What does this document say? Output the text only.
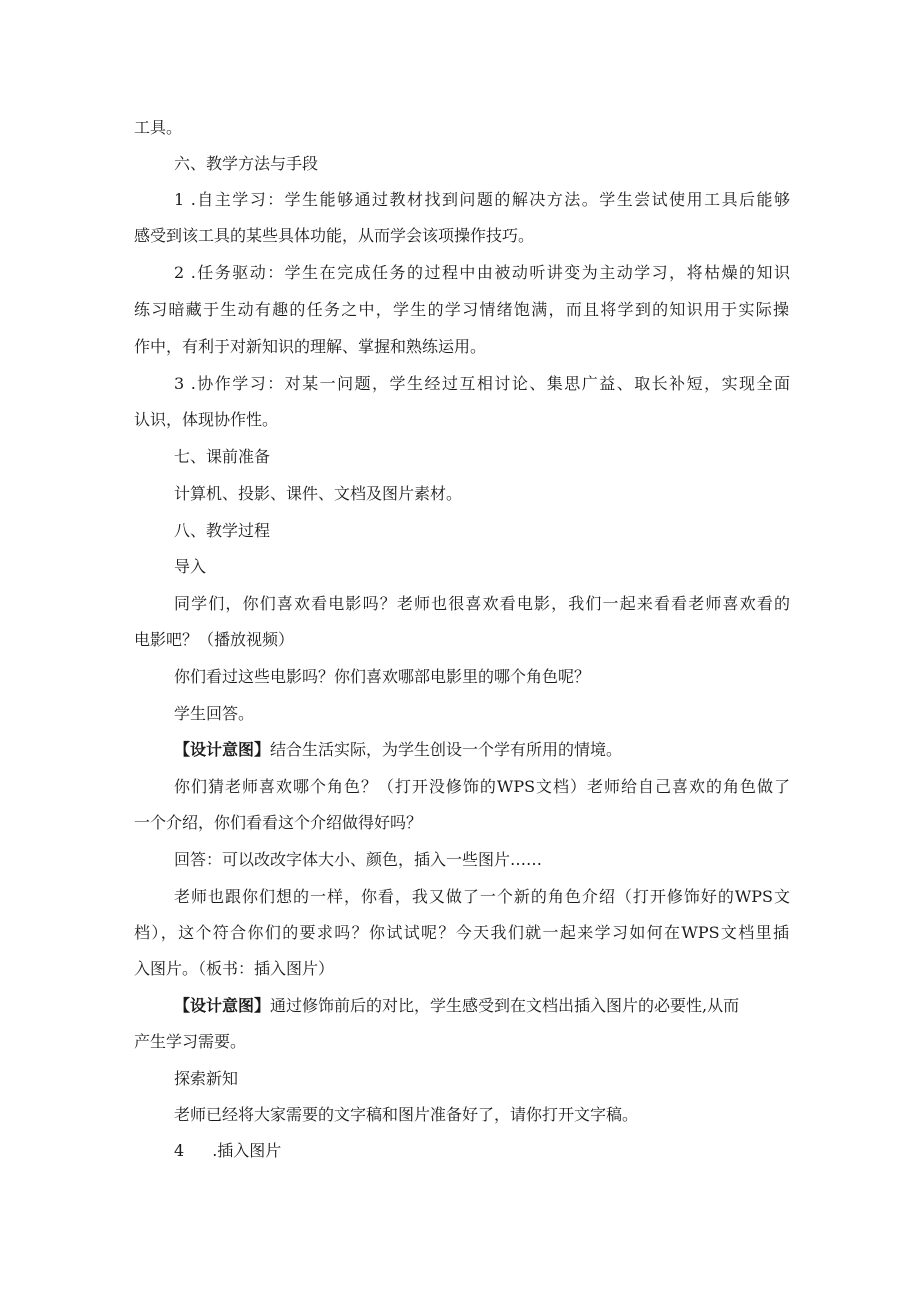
工具。
六、教学方法与手段
1 .自主学习：学生能够通过教材找到问题的解决方法。学生尝试使用工具后能够
感受到该工具的某些具体功能，从而学会该项操作技巧。
2 .任务驱动：学生在完成任务的过程中由被动听讲变为主动学习，将枯燥的知识
练习暗藏于生动有趣的任务之中，学生的学习情绪饱满，而且将学到的知识用于实际操
作中，有利于对新知识的理解、掌握和熟练运用。
3 .协作学习：对某一问题，学生经过互相讨论、集思广益、取长补短，实现全面
认识，体现协作性。
七、课前准备
计算机、投影、课件、文档及图片素材。
八、教学过程
导入
同学们，你们喜欢看电影吗？老师也很喜欢看电影，我们一起来看看老师喜欢看的
电影吧？（播放视频）
你们看过这些电影吗？你们喜欢哪部电影里的哪个角色呢？
学生回答。
【设计意图】结合生活实际，为学生创设一个学有所用的情境。
你们猜老师喜欢哪个角色？（打开没修饰的WPS文档）老师给自己喜欢的角色做了
一个介绍，你们看看这个介绍做得好吗？
回答：可以改改字体大小、颜色，插入一些图片……
老师也跟你们想的一样，你看，我又做了一个新的角色介绍（打开修饰好的WPS文
档），这个符合你们的要求吗？你试试呢？今天我们就一起来学习如何在WPS文档里插
入图片。（板书：插入图片）
【设计意图】通过修饰前后的对比，学生感受到在文档出插入图片的必要性,从而
产生学习需要。
探索新知
老师已经将大家需要的文字稿和图片准备好了，请你打开文字稿。
4 .插入图片
